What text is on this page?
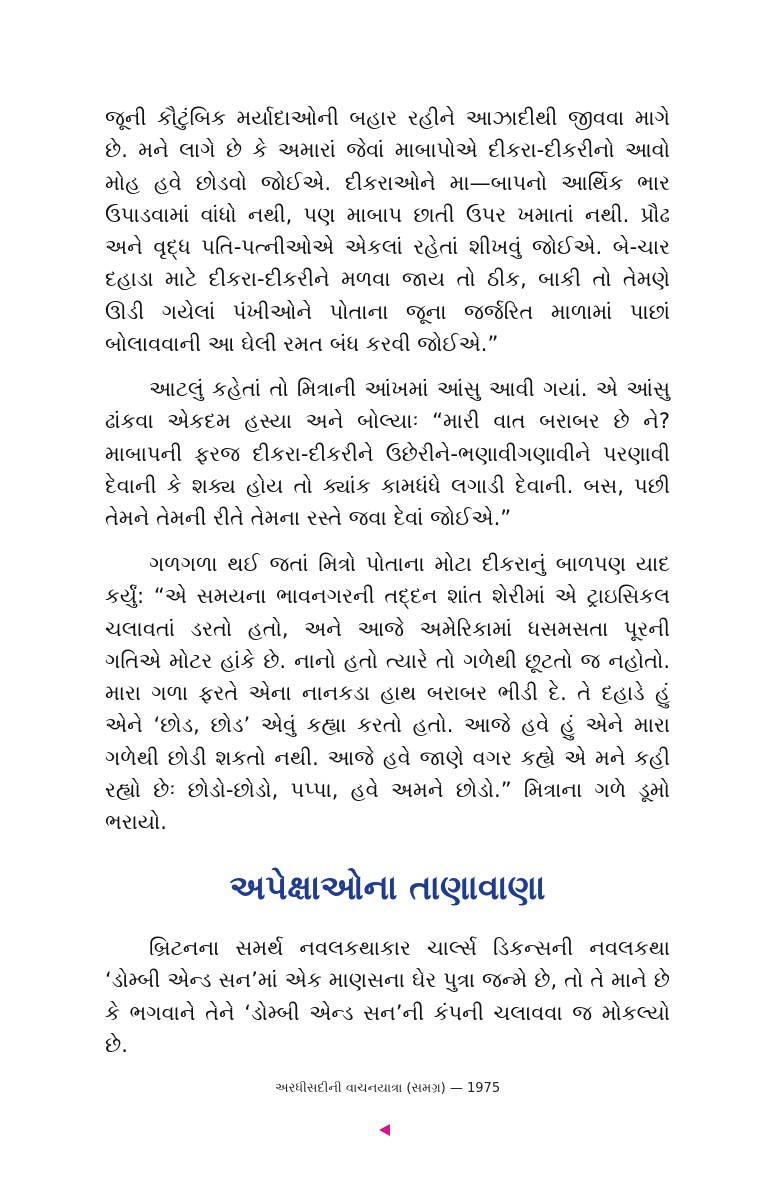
જૂની કૌટુંબિક મર્યાદાઓની બહાર રહીને આઝાદીથી જીવવા માગે છે. મને લાગે છે કે અમારાં જેવાં માબાપોએ દીકરા-દીકરીનો આવો મોહ હવે છોડવો જોઈએ. દીકરાઓને મા—બાપનો આર્થિક ભાર ઉપાડવામાં વાંધો નથી, પણ માબાપ છાતી ઉપર ખમાતાં નથી. પ્રૌઢ અને વૃદ્ધ પતિ-પત્નીઓએ એકલાં રહેતાં શીખવું જોઈએ. બે-ચાર દહાડા માટે દીકરા-દીકરીને મળવા જાય તો ઠીક, બાકી તો તેમણે ઊડી ગયેલાં પંખીઓને પોતાના જૂના જર્જરિત માળામાં પાછાં બોલાવવાની આ ઘેલી રમત બંધ કરવી જોઈએ.”

આટલું કહેતાં તો મિત્રાની આંખમાં આંસુ આવી ગયાં. એ આંસુ ઢાંકવા એકદમ હસ્યા અને બોલ્યાઃ “મારી વાત બરાબર છે ને? માબાપની ફરજ દીકરા-દીકરીને ઉછેરીને-ભણાવીગણાવીને પરણાવી દેવાની કે શક્ય હોય તો ક્યાંક કામધંધે લગાડી દેવાની. બસ, પછી તેમને તેમની રીતે તેમના રસ્તે જવા દેવાં જોઈએ.”

ગળગળા થઈ જતાં મિત્રો પોતાના મોટા દીકરાનું બાળપણ યાદ કર્યું: “એ સમયના ભાવનગરની તદ્દન શાંત શેરીમાં એ ટ્રાઇસિકલ ચલાવતાં ડરતો હતો, અને આજે અમેરિકામાં ધસમસતા પૂરની ગતિએ મોટર હાંકે છે. નાનો હતો ત્યારે તો ગળેથી છૂટતો જ નહોતો. મારા ગળા ફરતે એના નાનકડા હાથ બરાબર ભીડી દે. તે દહાડે હું એને ‘છોડ, છોડ’ એવું કહ્યા કરતો હતો. આજે હવે હું એને મારા ગળેથી છોડી શકતો નથી. આજે હવે જાણે વગર કહ્યે એ મને કહી રહ્યો છેઃ છોડો-છોડો, પપ્પા, હવે અમને છોડો.” મિત્રાના ગળે ડૂમો ભરાયો.

અપેક્ષાઓના તાણાવાણા

બ્રિટનના સમર્થ નવલકથાકાર ચાર્લ્સ ડિકન્સની નવલકથા ‘ડોમ્બી એન્ડ સન’માં એક માણસના ઘેર પુત્રા જન્મે છે, તો તે માને છે કે ભગવાને તેને ‘ડોમ્બી એન્ડ સન’ની કંપની ચલાવવા જ મોકલ્યો છે.

અરધીસદીની વાચનયાત્રા (સમગ્ર) — 1975
